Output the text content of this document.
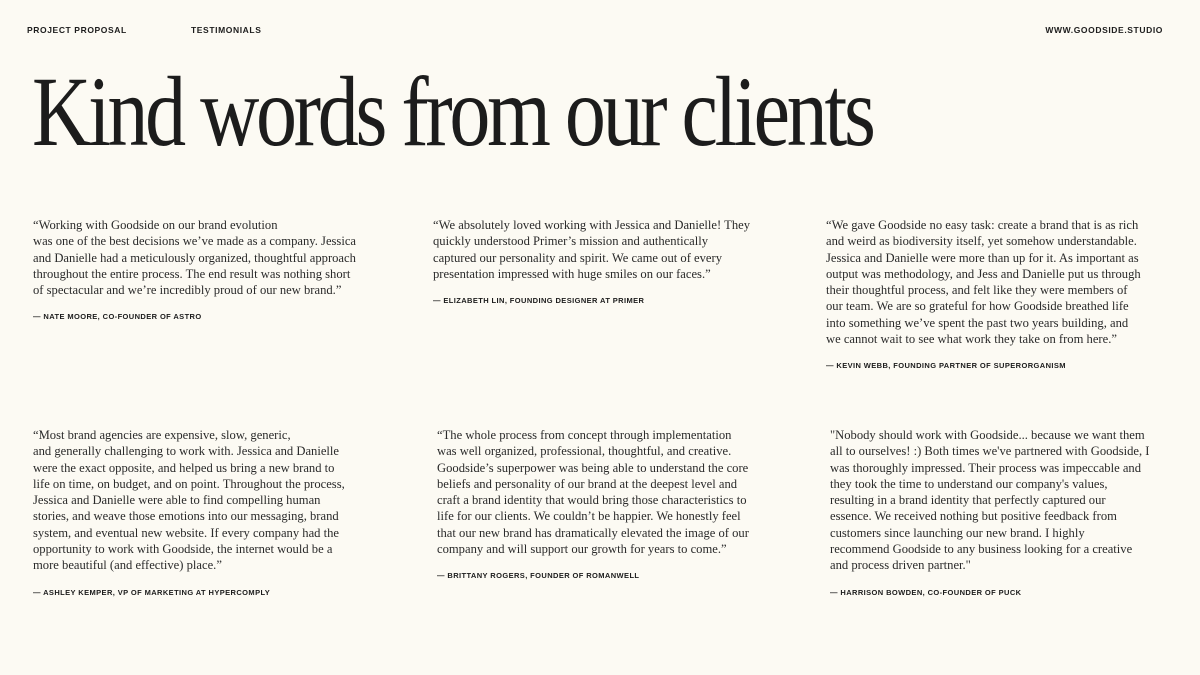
PROJECT PROPOSAL	TESTIMONIALS	WWW.GOODSIDE.STUDIO
Kind words from our clients

“Working with Goodside on our brand evolution
was one of the best decisions we’ve made as a company. Jessica
and Danielle had a meticulously organized, thoughtful approach
throughout the entire process. The end result was nothing short
of spectacular and we’re incredibly proud of our new brand.”

— NATE MOORE, CO-FOUNDER OF ASTRO

“We absolutely loved working with Jessica and Danielle! They
quickly understood Primer’s mission and authentically
captured our personality and spirit. We came out of every
presentation impressed with huge smiles on our faces.”

— ELIZABETH LIN, FOUNDING DESIGNER AT PRIMER

“We gave Goodside no easy task: create a brand that is as rich
and weird as biodiversity itself, yet somehow understandable.
Jessica and Danielle were more than up for it. As important as
output was methodology, and Jess and Danielle put us through
their thoughtful process, and felt like they were members of
our team. We are so grateful for how Goodside breathed life
into something we’ve spent the past two years building, and
we cannot wait to see what work they take on from here.”

— KEVIN WEBB, FOUNDING PARTNER OF SUPERORGANISM

“Most brand agencies are expensive, slow, generic,
and generally challenging to work with. Jessica and Danielle
were the exact opposite, and helped us bring a new brand to
life on time, on budget, and on point. Throughout the process,
Jessica and Danielle were able to find compelling human
stories, and weave those emotions into our messaging, brand
system, and eventual new website. If every company had the
opportunity to work with Goodside, the internet would be a
more beautiful (and effective) place.”

— ASHLEY KEMPER, VP OF MARKETING AT HYPERCOMPLY

“The whole process from concept through implementation
was well organized, professional, thoughtful, and creative.
Goodside’s superpower was being able to understand the core
beliefs and personality of our brand at the deepest level and
craft a brand identity that would bring those characteristics to
life for our clients. We couldn’t be happier. We honestly feel
that our new brand has dramatically elevated the image of our
company and will support our growth for years to come.”

— BRITTANY ROGERS, FOUNDER OF ROMANWELL

"Nobody should work with Goodside... because we want them
all to ourselves! :) Both times we've partnered with Goodside, I
was thoroughly impressed. Their process was impeccable and
they took the time to understand our company's values,
resulting in a brand identity that perfectly captured our
essence. We received nothing but positive feedback from
customers since launching our new brand. I highly
recommend Goodside to any business looking for a creative
and process driven partner."

— HARRISON BOWDEN, CO-FOUNDER OF PUCK
